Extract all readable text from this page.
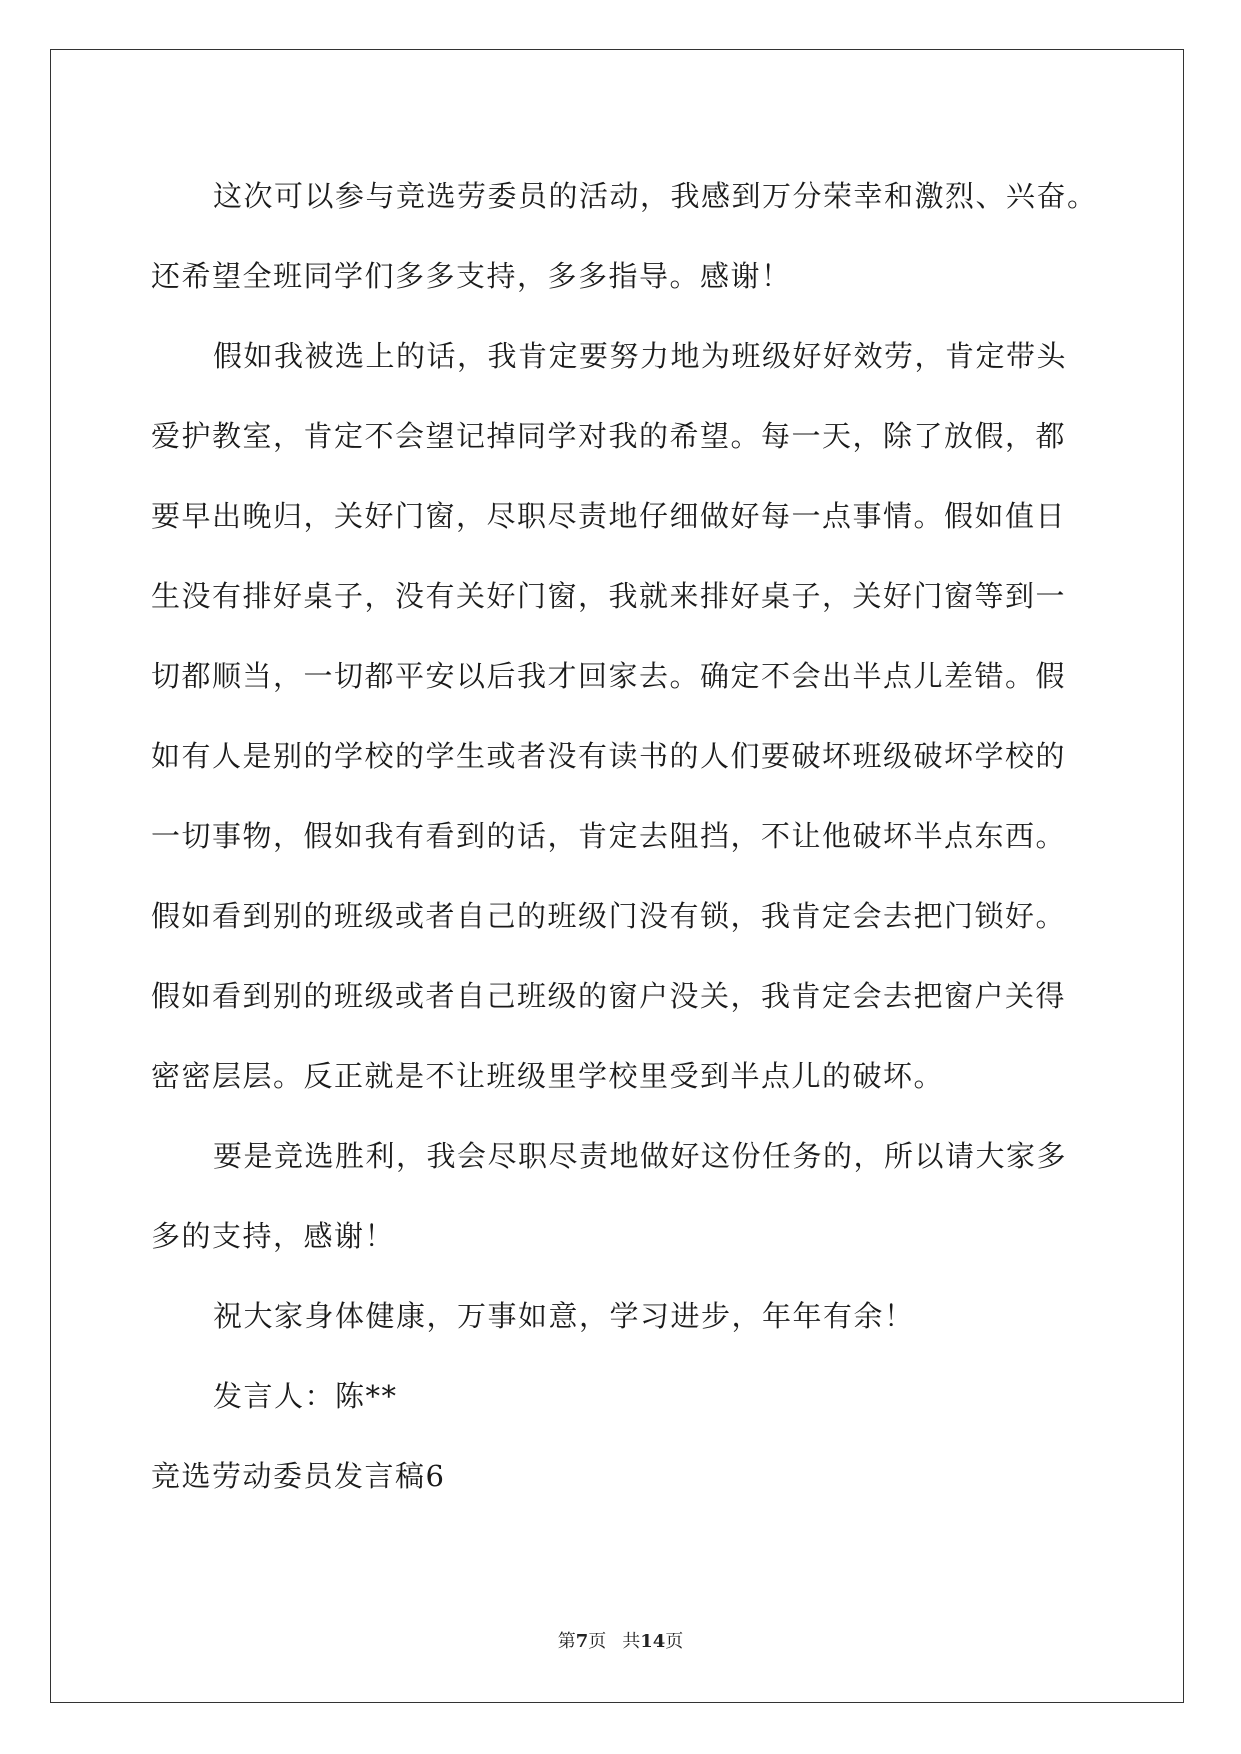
这次可以参与竞选劳委员的活动，我感到万分荣幸和激烈、兴奋。
还希望全班同学们多多支持，多多指导。感谢！
假如我被选上的话，我肯定要努力地为班级好好效劳，肯定带头
爱护教室，肯定不会望记掉同学对我的希望。每一天，除了放假，都
要早出晚归，关好门窗，尽职尽责地仔细做好每一点事情。假如值日
生没有排好桌子，没有关好门窗，我就来排好桌子，关好门窗等到一
切都顺当，一切都平安以后我才回家去。确定不会出半点儿差错。假
如有人是别的学校的学生或者没有读书的人们要破坏班级破坏学校的
一切事物，假如我有看到的话，肯定去阻挡，不让他破坏半点东西。
假如看到别的班级或者自己的班级门没有锁，我肯定会去把门锁好。
假如看到别的班级或者自己班级的窗户没关，我肯定会去把窗户关得
密密层层。反正就是不让班级里学校里受到半点儿的破坏。
要是竞选胜利，我会尽职尽责地做好这份任务的，所以请大家多
多的支持，感谢！
祝大家身体健康，万事如意，学习进步，年年有余！
发言人：陈**
竞选劳动委员发言稿6
第7页 共14页
